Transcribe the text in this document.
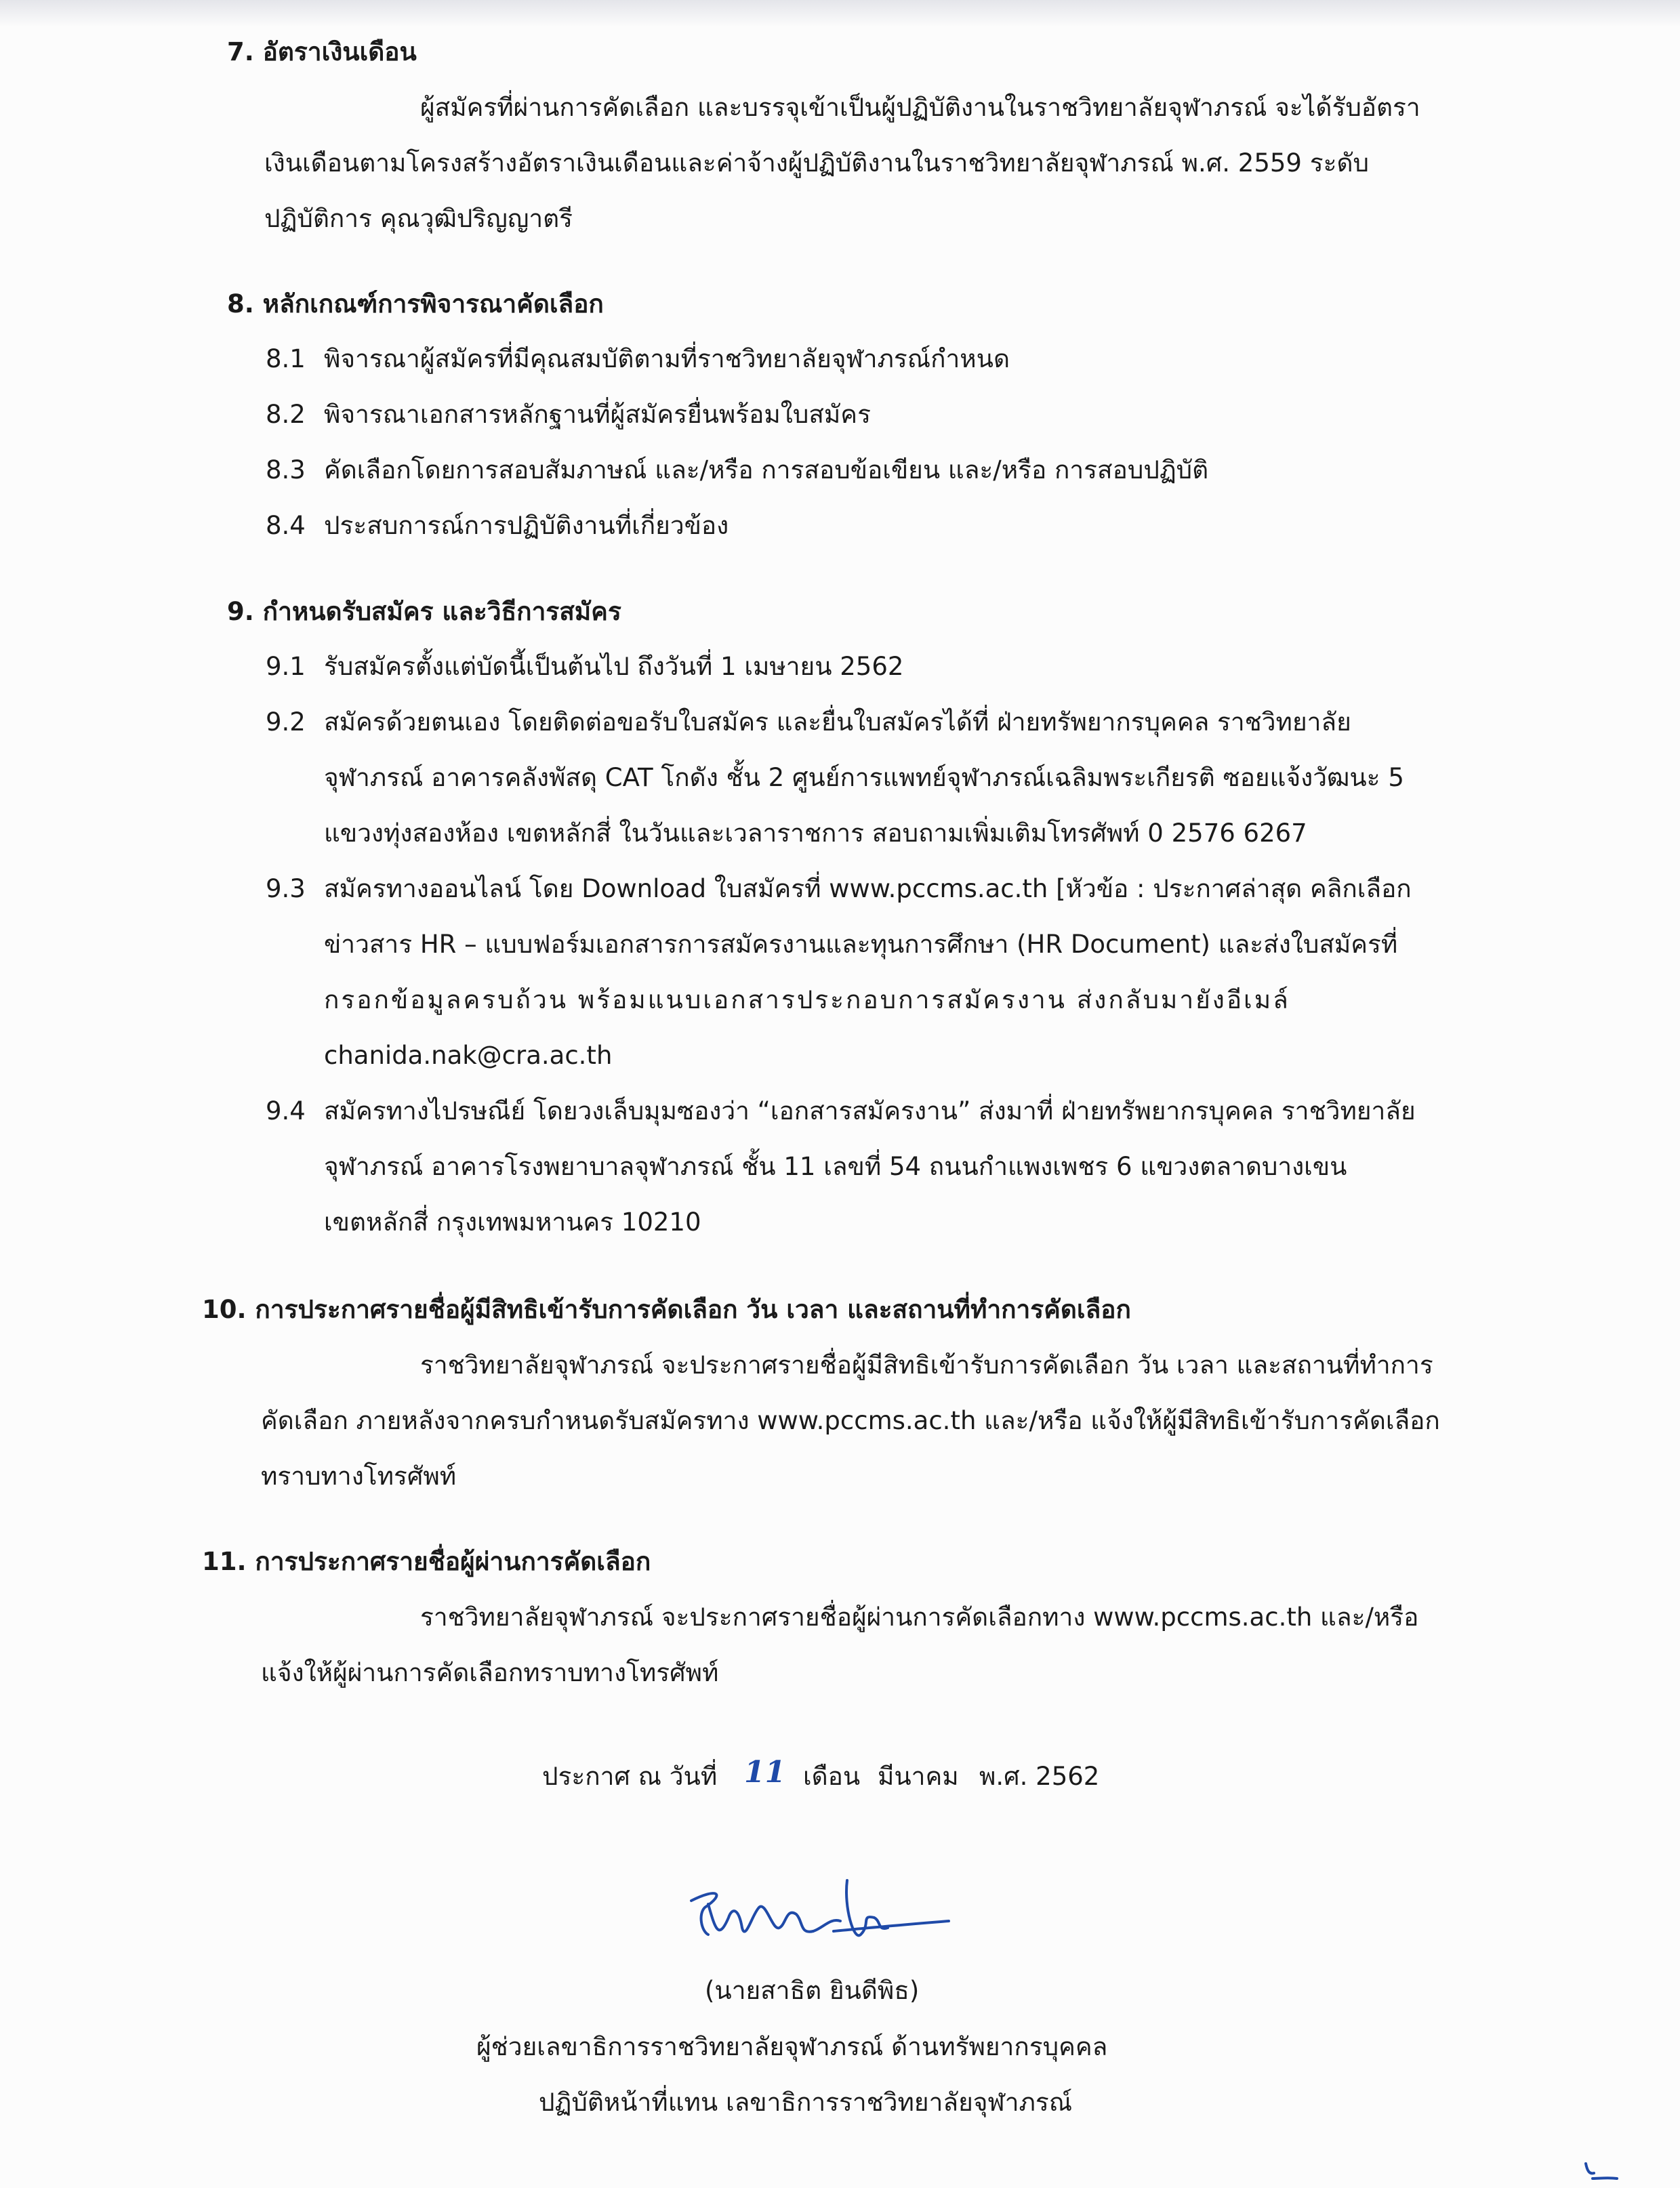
7. อัตราเงินเดือน
ผู้สมัครที่ผ่านการคัดเลือก และบรรจุเข้าเป็นผู้ปฏิบัติงานในราชวิทยาลัยจุฬาภรณ์ จะได้รับอัตรา
เงินเดือนตามโครงสร้างอัตราเงินเดือนและค่าจ้างผู้ปฏิบัติงานในราชวิทยาลัยจุฬาภรณ์ พ.ศ. 2559 ระดับ
ปฏิบัติการ คุณวุฒิปริญญาตรี
8. หลักเกณฑ์การพิจารณาคัดเลือก
8.1 พิจารณาผู้สมัครที่มีคุณสมบัติตามที่ราชวิทยาลัยจุฬาภรณ์กำหนด
8.2 พิจารณาเอกสารหลักฐานที่ผู้สมัครยื่นพร้อมใบสมัคร
8.3 คัดเลือกโดยการสอบสัมภาษณ์ และ/หรือ การสอบข้อเขียน และ/หรือ การสอบปฏิบัติ
8.4 ประสบการณ์การปฏิบัติงานที่เกี่ยวข้อง
9. กำหนดรับสมัคร และวิธีการสมัคร
9.1 รับสมัครตั้งแต่บัดนี้เป็นต้นไป ถึงวันที่ 1 เมษายน 2562
9.2 สมัครด้วยตนเอง โดยติดต่อขอรับใบสมัคร และยื่นใบสมัครได้ที่ ฝ่ายทรัพยากรบุคคล ราชวิทยาลัย
จุฬาภรณ์ อาคารคลังพัสดุ CAT โกดัง ชั้น 2 ศูนย์การแพทย์จุฬาภรณ์เฉลิมพระเกียรติ ซอยแจ้งวัฒนะ 5
แขวงทุ่งสองห้อง เขตหลักสี่ ในวันและเวลาราชการ สอบถามเพิ่มเติมโทรศัพท์ 0 2576 6267
9.3 สมัครทางออนไลน์ โดย Download ใบสมัครที่ www.pccms.ac.th [หัวข้อ : ประกาศล่าสุด คลิกเลือก
ข่าวสาร HR – แบบฟอร์มเอกสารการสมัครงานและทุนการศึกษา (HR Document) และส่งใบสมัครที่
กรอกข้อมูลครบถ้วน พร้อมแนบเอกสารประกอบการสมัครงาน ส่งกลับมายังอีเมล์
chanida.nak@cra.ac.th
9.4 สมัครทางไปรษณีย์ โดยวงเล็บมุมซองว่า “เอกสารสมัครงาน” ส่งมาที่ ฝ่ายทรัพยากรบุคคล ราชวิทยาลัย
จุฬาภรณ์ อาคารโรงพยาบาลจุฬาภรณ์ ชั้น 11 เลขที่ 54 ถนนกำแพงเพชร 6 แขวงตลาดบางเขน
เขตหลักสี่ กรุงเทพมหานคร 10210
10. การประกาศรายชื่อผู้มีสิทธิเข้ารับการคัดเลือก วัน เวลา และสถานที่ทำการคัดเลือก
ราชวิทยาลัยจุฬาภรณ์ จะประกาศรายชื่อผู้มีสิทธิเข้ารับการคัดเลือก วัน เวลา และสถานที่ทำการ
คัดเลือก ภายหลังจากครบกำหนดรับสมัครทาง www.pccms.ac.th และ/หรือ แจ้งให้ผู้มีสิทธิเข้ารับการคัดเลือก
ทราบทางโทรศัพท์
11. การประกาศรายชื่อผู้ผ่านการคัดเลือก
ราชวิทยาลัยจุฬาภรณ์ จะประกาศรายชื่อผู้ผ่านการคัดเลือกทาง www.pccms.ac.th และ/หรือ
แจ้งให้ผู้ผ่านการคัดเลือกทราบทางโทรศัพท์
ประกาศ ณ วันที่ 11 เดือน มีนาคม พ.ศ. 2562
(นายสาธิต ยินดีพิธ)
ผู้ช่วยเลขาธิการราชวิทยาลัยจุฬาภรณ์ ด้านทรัพยากรบุคคล
ปฏิบัติหน้าที่แทน เลขาธิการราชวิทยาลัยจุฬาภรณ์
